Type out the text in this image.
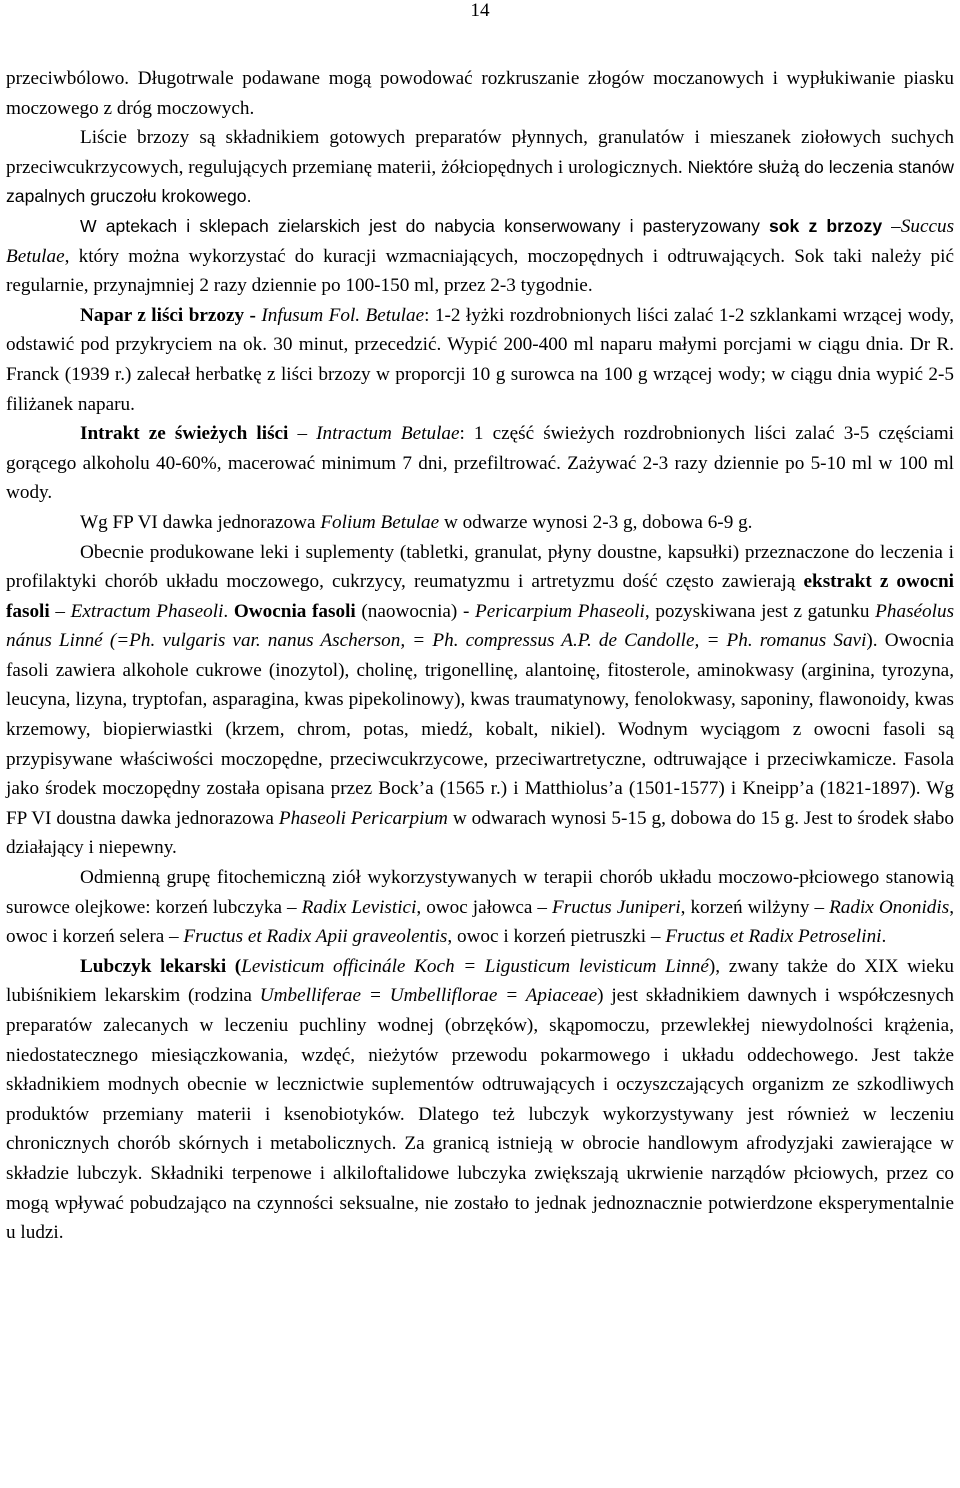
14

przeciwbólowo. Długotrwale podawane mogą powodować rozkruszanie złogów moczanowych i wypłukiwanie piasku moczowego z dróg moczowych.
Liście brzozy są składnikiem gotowych preparatów płynnych, granulatów i mieszanek ziołowych suchych przeciwcukrzycowych, regulujących przemianę materii, żółciopędnych i urologicznych. Niektóre służą do leczenia stanów zapalnych gruczołu krokowego.

W aptekach i sklepach zielarskich jest do nabycia konserwowany i pasteryzowany sok z brzozy –Succus Betulae, który można wykorzystać do kuracji wzmacniających, moczopędnych i odtruwających. Sok taki należy pić regularnie, przynajmniej 2 razy dziennie po 100-150 ml, przez 2-3 tygodnie.

Napar z liści brzozy - Infusum Fol. Betulae: 1-2 łyżki rozdrobnionych liści zalać 1-2 szklankami wrzącej wody, odstawić pod przykryciem na ok. 30 minut, przecedzić. Wypić 200-400 ml naparu małymi porcjami w ciągu dnia. Dr R. Franck (1939 r.) zalecał herbatkę z liści brzozy w proporcji 10 g surowca na 100 g wrzącej wody; w ciągu dnia wypić 2-5 filiżanek naparu.

Intrakt ze świeżych liści – Intractum Betulae: 1 część świeżych rozdrobnionych liści zalać 3-5 częściami gorącego alkoholu 40-60%, macerować minimum 7 dni, przefiltrować. Zażywać 2-3 razy dziennie po 5-10 ml w 100 ml wody.

Wg FP VI dawka jednorazowa Folium Betulae w odwarze wynosi 2-3 g, dobowa 6-9 g.

Obecnie produkowane leki i suplementy (tabletki, granulat, płyny doustne, kapsułki) przeznaczone do leczenia i profilaktyki chorób układu moczowego, cukrzycy, reumatyzmu i artretyzmu dość często zawierają ekstrakt z owocni fasoli – Extractum Phaseoli. Owocnia fasoli (naowocnia) - Pericarpium Phaseoli, pozyskiwana jest z gatunku Phaséolus nánus Linné (=Ph. vulgaris var. nanus Ascherson, = Ph. compressus A.P. de Candolle, = Ph. romanus Savi). Owocnia fasoli zawiera alkohole cukrowe (inozytol), cholinę, trigonellinę, alantoinę, fitosterole, aminokwasy (arginina, tyrozyna, leucyna, lizyna, tryptofan, asparagina, kwas pipekolinowy), kwas traumatynowy, fenolokwasy, saponiny, flawonoidy, kwas krzemowy, biopierwiastki (krzem, chrom, potas, miedź, kobalt, nikiel). Wodnym wyciągom z owocni fasoli są przypisywane właściwości moczopędne, przeciwcukrzycowe, przeciwartretyczne, odtruwające i przeciwkamicze. Fasola jako środek moczopędny została opisana przez Bock’a (1565 r.) i Matthiolus’a (1501-1577) i Kneipp’a (1821-1897). Wg FP VI doustna dawka jednorazowa Phaseoli Pericarpium w odwarach wynosi 5-15 g, dobowa do 15 g. Jest to środek słabo działający i niepewny.

Odmienną grupę fitochemiczną ziół wykorzystywanych w terapii chorób układu moczowo-płciowego stanowią surowce olejkowe: korzeń lubczyka – Radix Levistici, owoc jałowca – Fructus Juniperi, korzeń wilżyny – Radix Ononidis, owoc i korzeń selera – Fructus et Radix Apii graveolentis, owoc i korzeń pietruszki – Fructus et Radix Petroselini.

Lubczyk lekarski (Levisticum officinále Koch = Ligusticum levisticum Linné), zwany także do XIX wieku lubiśnikiem lekarskim (rodzina Umbelliferae = Umbelliflorae = Apiaceae) jest składnikiem dawnych i współczesnych preparatów zalecanych w leczeniu puchliny wodnej (obrzęków), skąpomoczu, przewlekłej niewydolności krążenia, niedostatecznego miesiączkowania, wzdęć, nieżytów przewodu pokarmowego i układu oddechowego. Jest także składnikiem modnych obecnie w lecznictwie suplementów odtruwających i oczyszczających organizm ze szkodliwych produktów przemiany materii i ksenobiotyków. Dlatego też lubczyk wykorzystywany jest również w leczeniu chronicznych chorób skórnych i metabolicznych. Za granicą istnieją w obrocie handlowym afrodyzjaki zawierające w składzie lubczyk. Składniki terpenowe i alkiloftalidowe lubczyka zwiększają ukrwienie narządów płciowych, przez co mogą wpływać pobudzająco na czynności seksualne, nie zostało to jednak jednoznacznie potwierdzone eksperymentalnie u ludzi.
